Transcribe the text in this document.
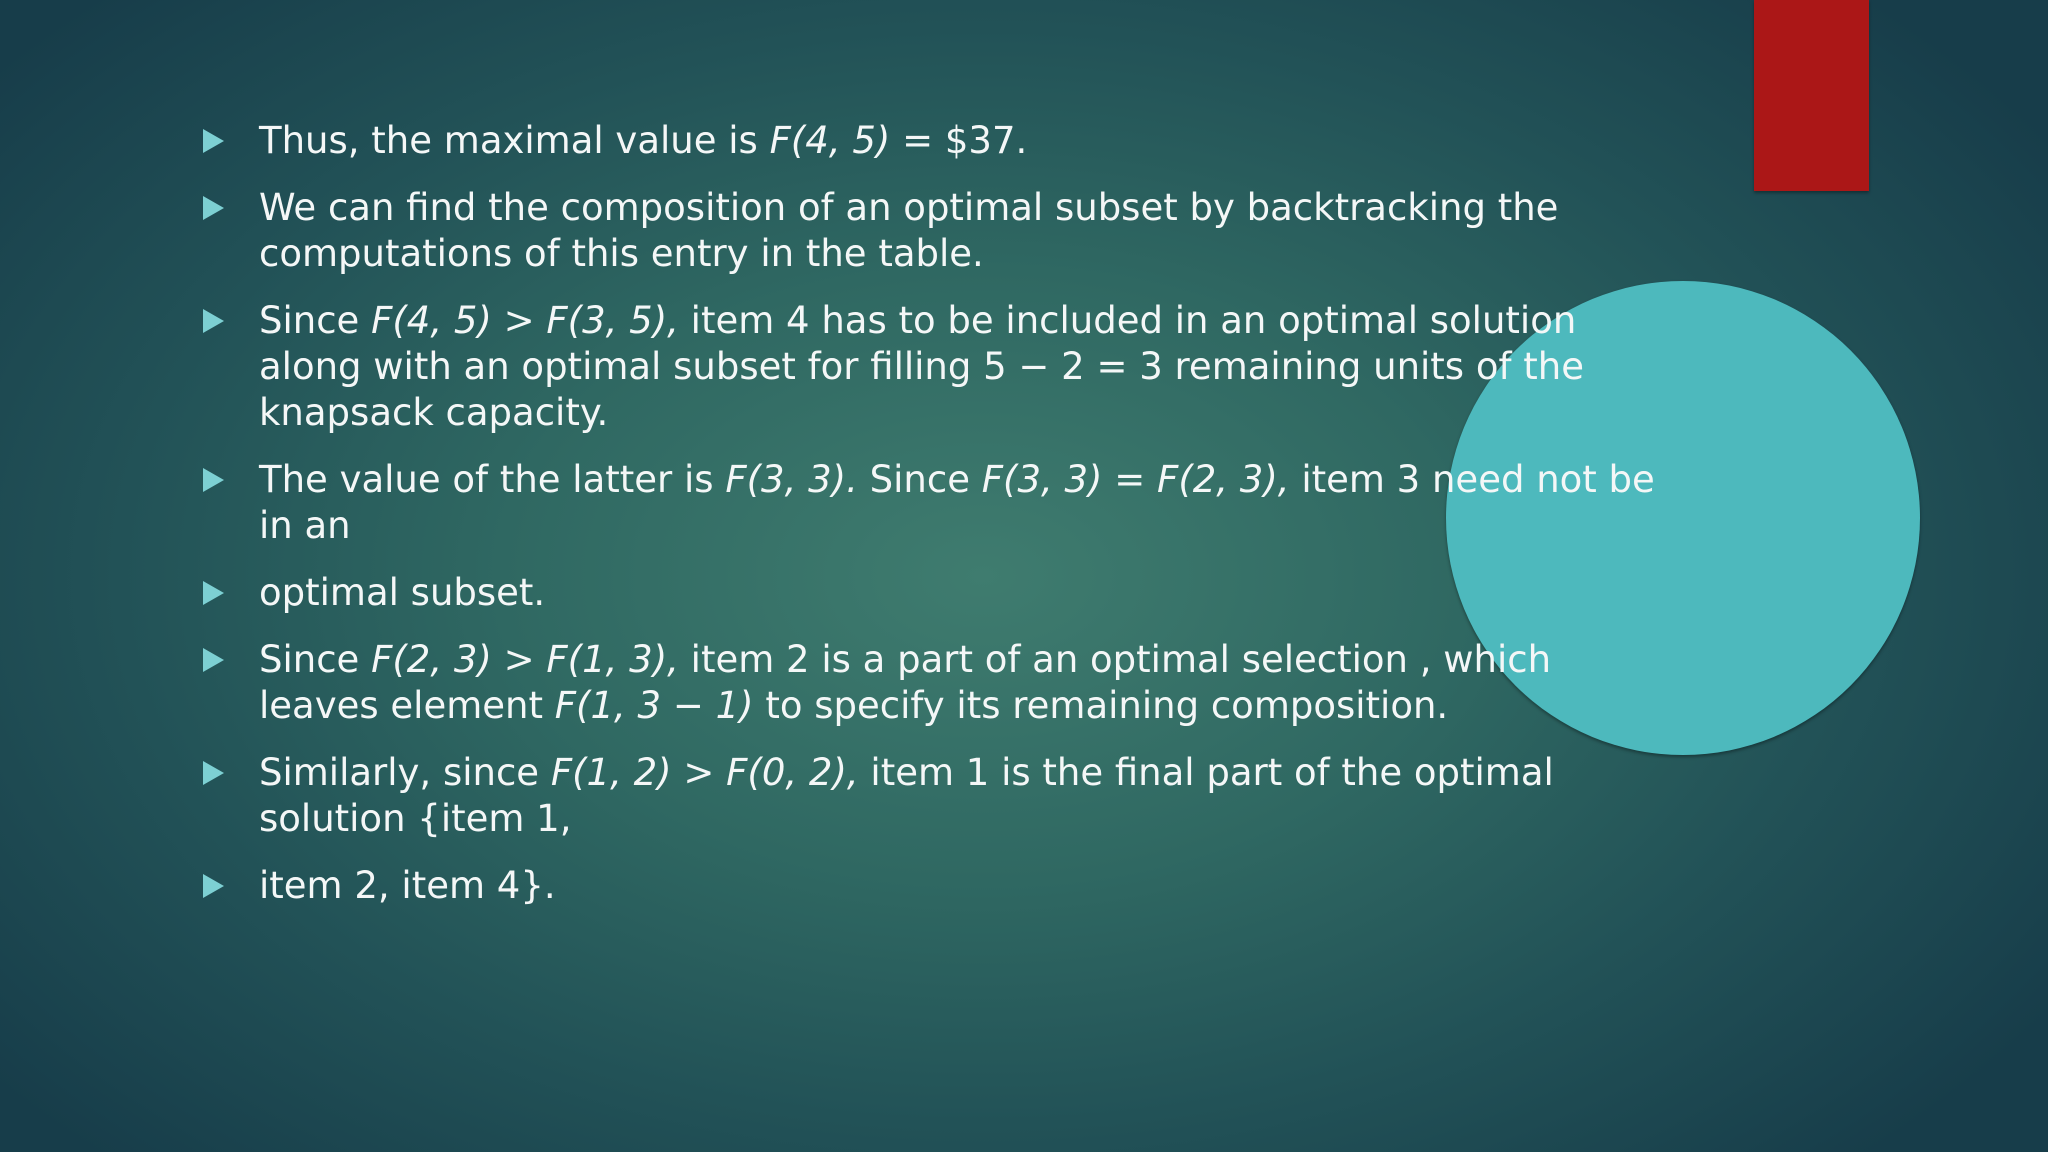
Thus, the maximal value is F(4, 5) = $37.
We can find the composition of an optimal subset by backtracking the computations of this entry in the table.
Since F(4, 5) > F(3, 5), item 4 has to be included in an optimal solution along with an optimal subset for filling 5 − 2 = 3 remaining units of the knapsack capacity.
The value of the latter is F(3, 3). Since F(3, 3) = F(2, 3), item 3 need not be in an
optimal subset.
Since F(2, 3) > F(1, 3), item 2 is a part of an optimal selection , which leaves element F(1, 3 − 1) to specify its remaining composition.
Similarly, since F(1, 2) > F(0, 2), item 1 is the final part of the optimal solution {item 1,
item 2, item 4}.
